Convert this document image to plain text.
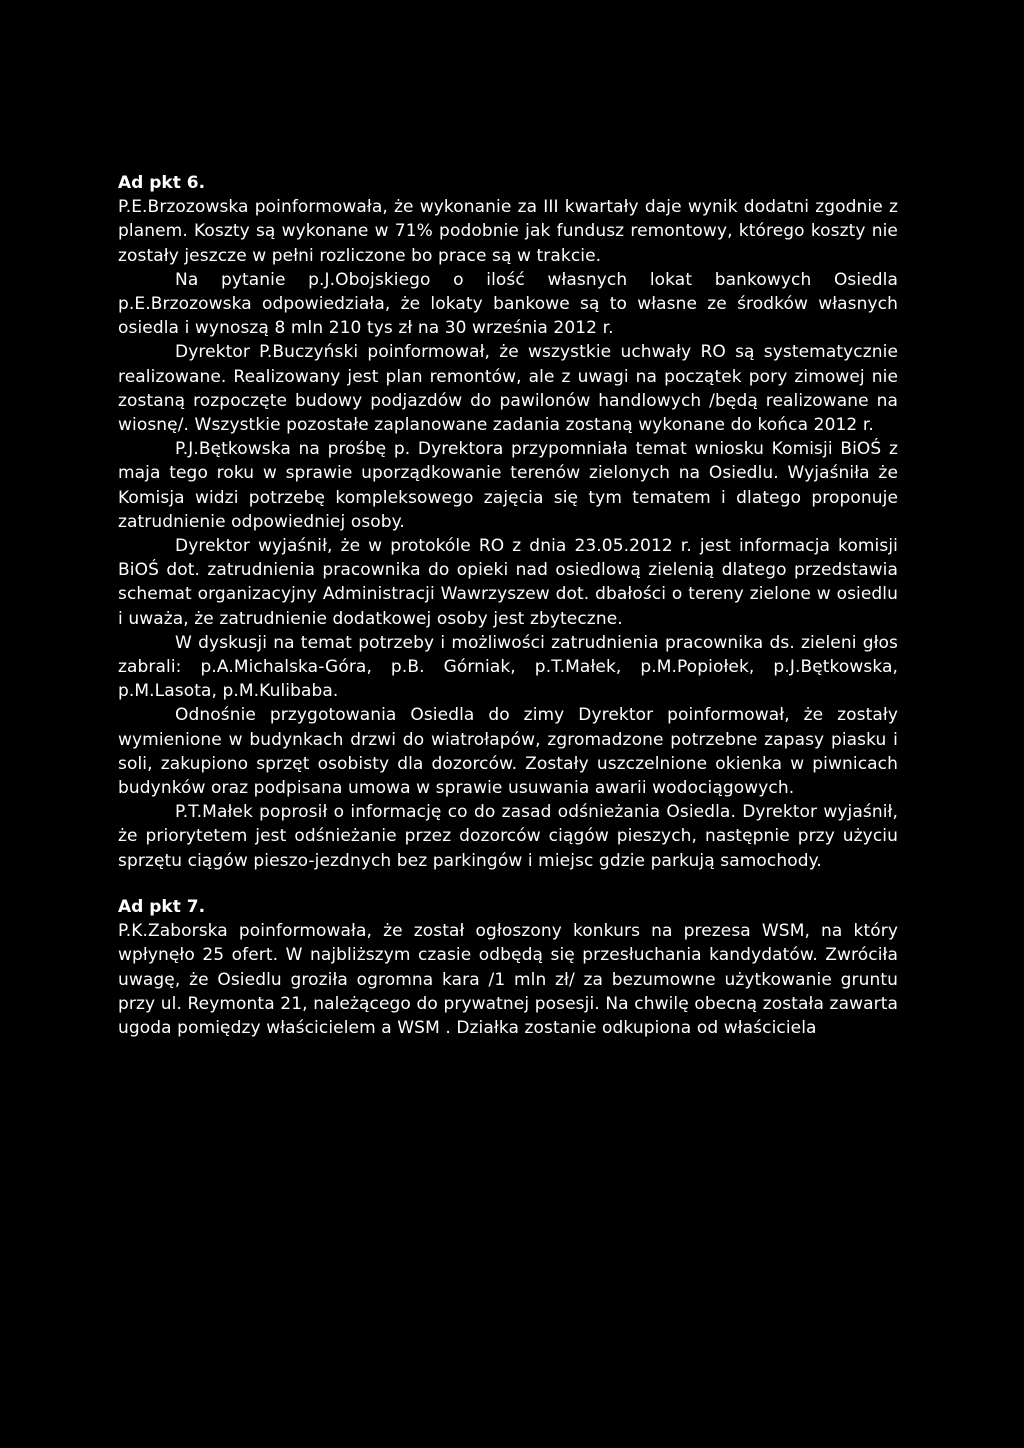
Ad pkt 6.

P.E.Brzozowska poinformowała, że wykonanie za III kwartały daje wynik dodatni zgodnie z planem. Koszty są wykonane w 71% podobnie jak fundusz remontowy, którego koszty nie zostały jeszcze w pełni rozliczone bo prace są w trakcie.

Na pytanie p.J.Obojskiego o ilość własnych lokat bankowych Osiedla p.E.Brzozowska odpowiedziała, że lokaty bankowe są to własne ze środków własnych osiedla i wynoszą 8 mln 210 tys zł na 30 września 2012 r.

Dyrektor P.Buczyński poinformował, że wszystkie uchwały RO są systematycznie realizowane. Realizowany jest plan remontów, ale z uwagi na początek pory zimowej nie zostaną rozpoczęte budowy podjazdów do pawilonów handlowych /będą realizowane na wiosnę/. Wszystkie pozostałe zaplanowane zadania zostaną wykonane do końca 2012 r.

P.J.Bętkowska na prośbę p. Dyrektora przypomniała temat wniosku Komisji BiOŚ z maja tego roku w sprawie uporządkowanie terenów zielonych na Osiedlu. Wyjaśniła że Komisja widzi potrzebę kompleksowego zajęcia się tym tematem i dlatego proponuje zatrudnienie odpowiedniej osoby.

Dyrektor wyjaśnił, że w protokóle RO z dnia 23.05.2012 r. jest informacja komisji BiOŚ dot. zatrudnienia pracownika do opieki nad osiedlową zielenią dlatego przedstawia schemat organizacyjny Administracji Wawrzyszew dot. dbałości o tereny zielone w osiedlu i uważa, że zatrudnienie dodatkowej osoby jest zbyteczne.

W dyskusji na temat potrzeby i możliwości zatrudnienia pracownika ds. zieleni głos zabrali: p.A.Michalska-Góra, p.B. Górniak, p.T.Małek, p.M.Popiołek, p.J.Bętkowska, p.M.Lasota, p.M.Kulibaba.

Odnośnie przygotowania Osiedla do zimy Dyrektor poinformował, że zostały wymienione w budynkach drzwi do wiatrołapów, zgromadzone potrzebne zapasy piasku i soli, zakupiono sprzęt osobisty dla dozorców. Zostały uszczelnione okienka w piwnicach budynków oraz podpisana umowa w sprawie usuwania awarii wodociągowych.

P.T.Małek poprosił o informację co do zasad odśnieżania Osiedla. Dyrektor wyjaśnił, że priorytetem jest odśnieżanie przez dozorców ciągów pieszych, następnie przy użyciu sprzętu ciągów pieszo-jezdnych bez parkingów i miejsc gdzie parkują samochody.

Ad pkt 7.

P.K.Zaborska poinformowała, że został ogłoszony konkurs na prezesa WSM, na który wpłynęło 25 ofert. W najbliższym czasie odbędą się przesłuchania kandydatów. Zwróciła uwagę, że Osiedlu groziła ogromna kara /1 mln zł/ za bezumowne użytkowanie gruntu przy ul. Reymonta 21, należącego do prywatnej posesji. Na chwilę obecną została zawarta ugoda pomiędzy właścicielem a WSM . Działka zostanie odkupiona od właściciela
